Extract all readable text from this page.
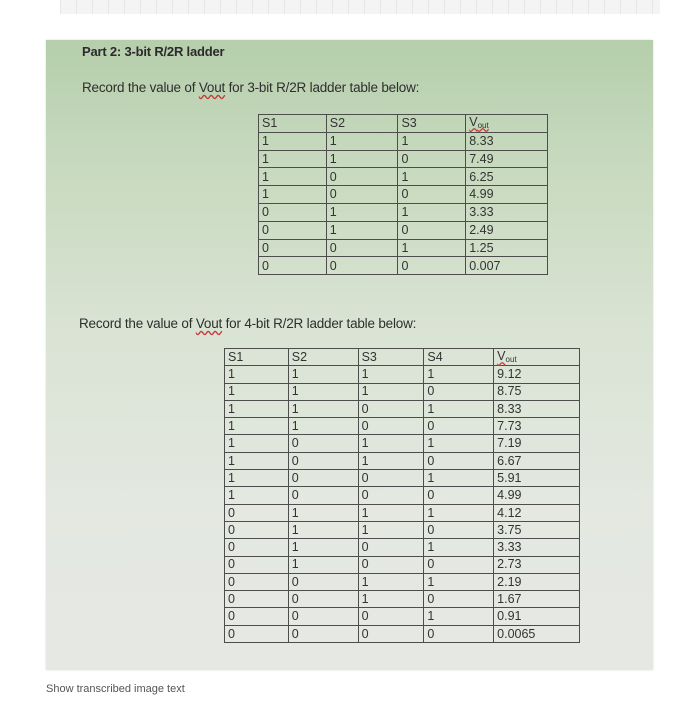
Part 2: 3-bit R/2R ladder
Record the value of Vout for 3-bit R/2R ladder table below:
S1	S2	S3	$V_{out}$
1	1	1	8.33
1	1	0	7.49
1	0	1	6.25
1	0	0	4.99
0	1	1	3.33
0	1	0	2.49
0	0	1	1.25
0	0	0	0.007
Record the value of Vout for 4-bit R/2R ladder table below:
S1	S2	S3	S4	$V_{out}$
1	1	1	1	9.12
1	1	1	0	8.75
1	1	0	1	8.33
1	1	0	0	7.73
1	0	1	1	7.19
1	0	1	0	6.67
1	0	0	1	5.91
1	0	0	0	4.99
0	1	1	1	4.12
0	1	1	0	3.75
0	1	0	1	3.33
0	1	0	0	2.73
0	0	1	1	2.19
0	0	1	0	1.67
0	0	0	1	0.91
0	0	0	0	0.0065
Show transcribed image text
